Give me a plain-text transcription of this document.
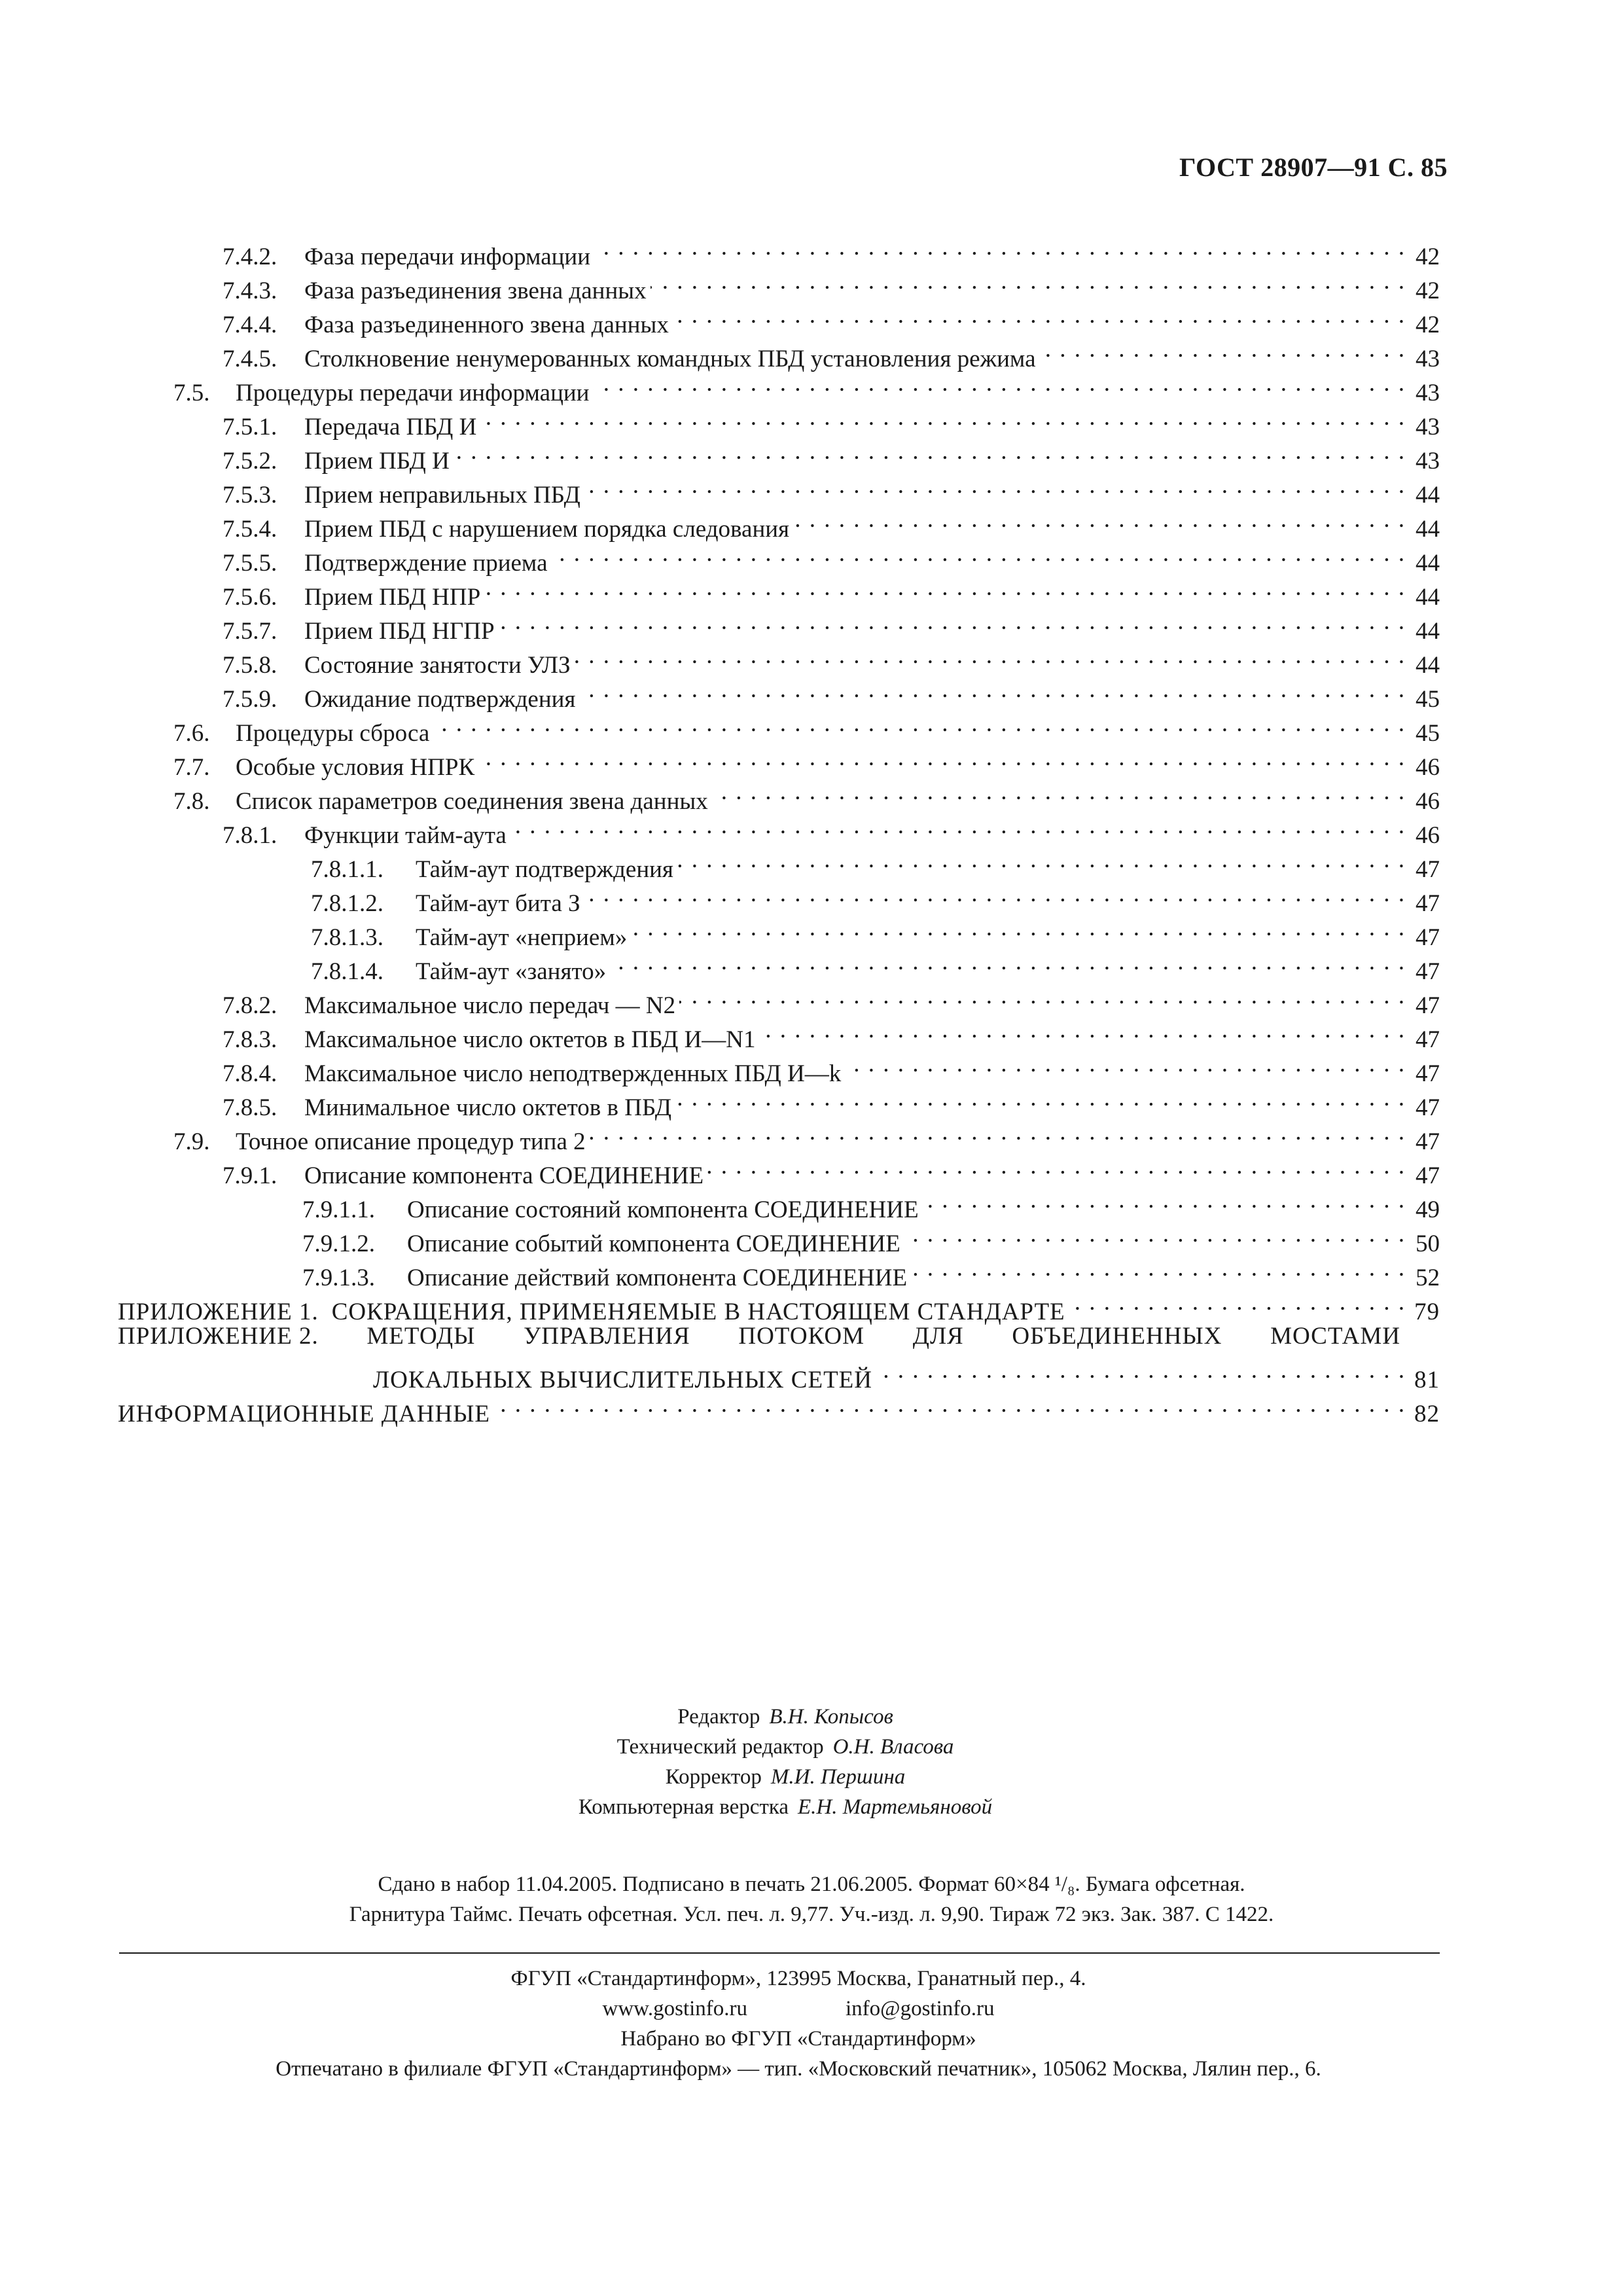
ГОСТ 28907—91 С. 85
7.4.2.	Фаза передачи информации . . .	42
7.4.3.	Фаза разъединения звена данных . . .	42
7.4.4.	Фаза разъединенного звена данных . . .	42
7.4.5.	Столкновение ненумерованных командных ПБД установления режима . . .	43
7.5.	Процедуры передачи информации . . .	43
7.5.1.	Передача ПБД И . . .	43
7.5.2.	Прием ПБД И . . .	43
7.5.3.	Прием неправильных ПБД . . .	44
7.5.4.	Прием ПБД с нарушением порядка следования . . .	44
7.5.5.	Подтверждение приема . . .	44
7.5.6.	Прием ПБД НПР . . .	44
7.5.7.	Прием ПБД НГПР . . .	44
7.5.8.	Состояние занятости УЛЗ . . .	44
7.5.9.	Ожидание подтверждения . . .	45
7.6.	Процедуры сброса . . .	45
7.7.	Особые условия НПРК . . .	46
7.8.	Список параметров соединения звена данных . . .	46
7.8.1.	Функции тайм-аута . . .	46
7.8.1.1.	Тайм-аут подтверждения . . .	47
7.8.1.2.	Тайм-аут бита З . . .	47
7.8.1.3.	Тайм-аут «неприем» . . .	47
7.8.1.4.	Тайм-аут «занято» . . .	47
7.8.2.	Максимальное число передач — N2 . . .	47
7.8.3.	Максимальное число октетов в ПБД И—N1 . . .	47
7.8.4.	Максимальное число неподтвержденных ПБД И—k . . .	47
7.8.5.	Минимальное число октетов в ПБД . . .	47
7.9.	Точное описание процедур типа 2 . . .	47
7.9.1.	Описание компонента СОЕДИНЕНИЕ . . .	47
7.9.1.1.	Описание состояний компонента СОЕДИНЕНИЕ . . .	49
7.9.1.2.	Описание событий компонента СОЕДИНЕНИЕ . . .	50
7.9.1.3.	Описание действий компонента СОЕДИНЕНИЕ . . .	52
ПРИЛОЖЕНИЕ 1. СОКРАЩЕНИЯ, ПРИМЕНЯЕМЫЕ В НАСТОЯЩЕМ СТАНДАРТЕ . . .	79
ПРИЛОЖЕНИЕ 2. МЕТОДЫ УПРАВЛЕНИЯ ПОТОКОМ ДЛЯ ОБЪЕДИНЕННЫХ МОСТАМИ
ЛОКАЛЬНЫХ ВЫЧИСЛИТЕЛЬНЫХ СЕТЕЙ . . .	81
ИНФОРМАЦИОННЫЕ ДАННЫЕ . . .	82
Редактор В.Н. Копысов
Технический редактор О.Н. Власова
Корректор М.И. Першина
Компьютерная верстка Е.Н. Мартемьяновой
Сдано в набор 11.04.2005. Подписано в печать 21.06.2005. Формат 60×84 ¹/₈. Бумага офсетная.
Гарнитура Таймс. Печать офсетная. Усл. печ. л. 9,77. Уч.-изд. л. 9,90. Тираж 72 экз. Зак. 387. С 1422.
ФГУП «Стандартинформ», 123995 Москва, Гранатный пер., 4.
www.gostinfo.ru	info@gostinfo.ru
Набрано во ФГУП «Стандартинформ»
Отпечатано в филиале ФГУП «Стандартинформ» — тип. «Московский печатник», 105062 Москва, Лялин пер., 6.
